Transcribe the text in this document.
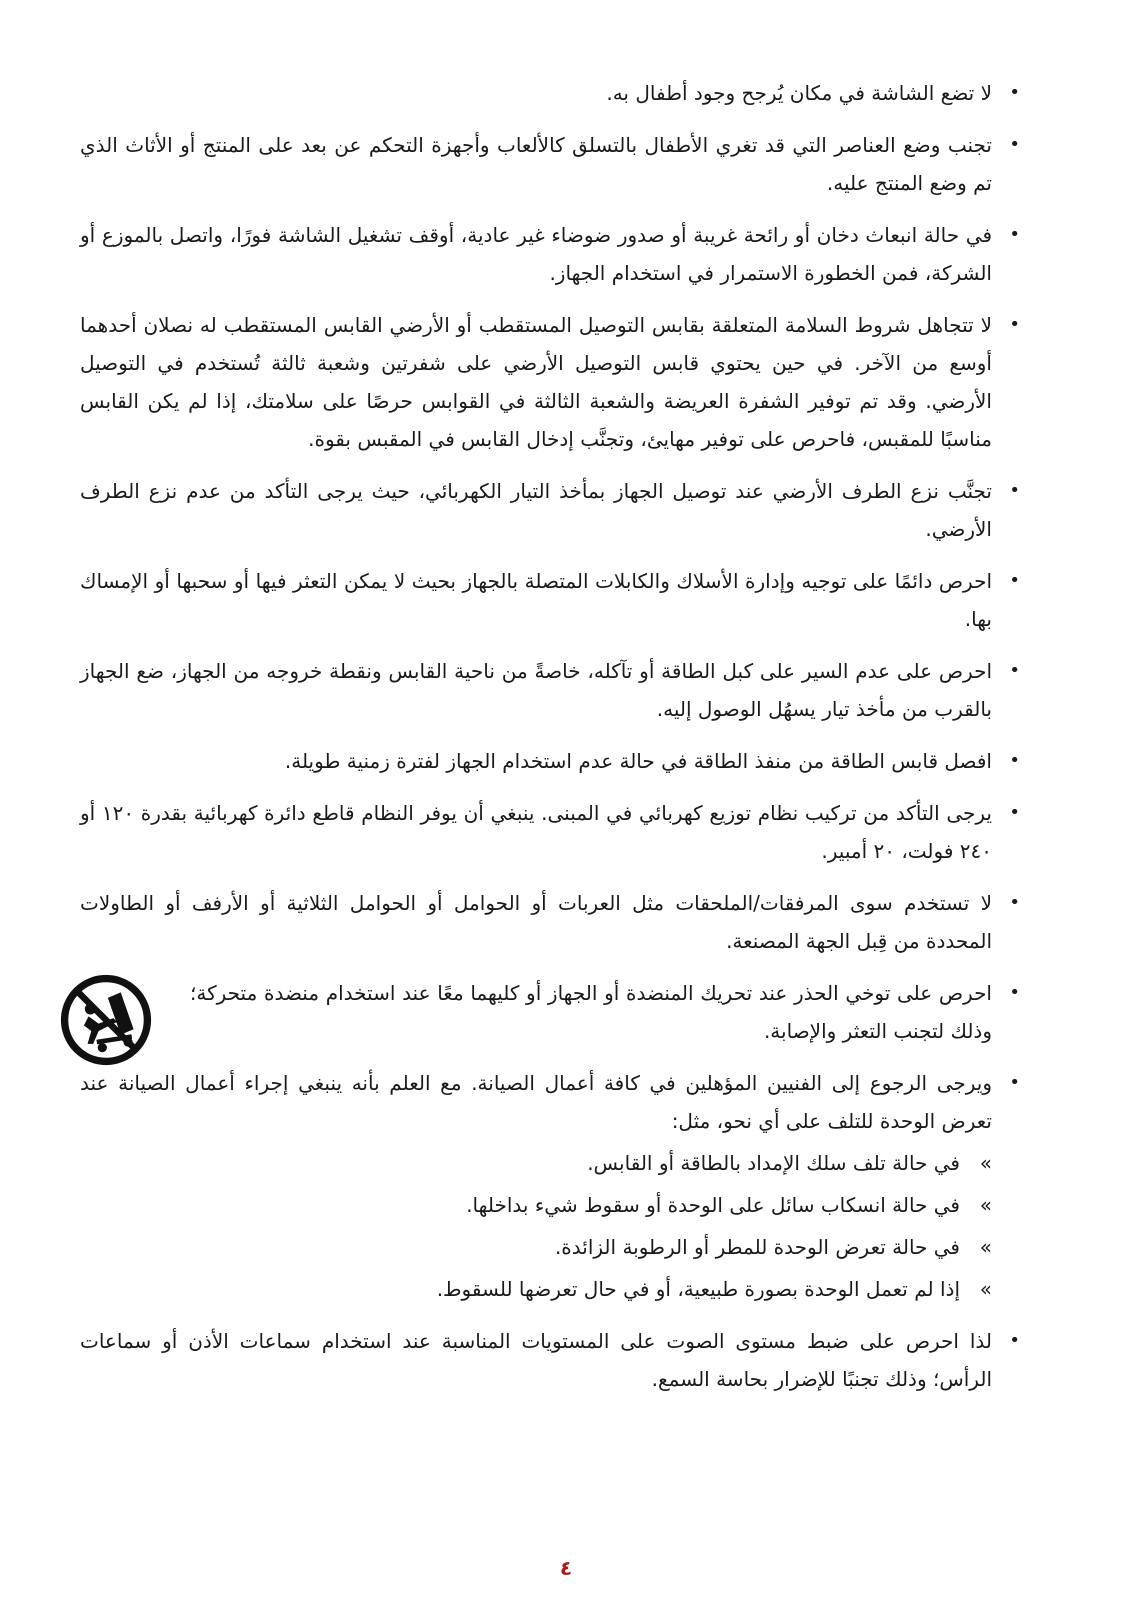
•
لا تضع الشاشة في مكان يُرجح وجود أطفال به.
•
تجنب وضع العناصر التي قد تغري الأطفال بالتسلق كالألعاب وأجهزة التحكم عن بعد على المنتج أو الأثاث الذي تم وضع المنتج عليه.
•
في حالة انبعاث دخان أو رائحة غريبة أو صدور ضوضاء غير عادية، أوقف تشغيل الشاشة فورًا، واتصل بالموزع أو الشركة، فمن الخطورة الاستمرار في استخدام الجهاز.
•
لا تتجاهل شروط السلامة المتعلقة بقابس التوصيل المستقطب أو الأرضي القابس المستقطب له نصلان أحدهما أوسع من الآخر. في حين يحتوي قابس التوصيل الأرضي على شفرتين وشعبة ثالثة تُستخدم في التوصيل الأرضي. وقد تم توفير الشفرة العريضة والشعبة الثالثة في القوابس حرصًا على سلامتك، إذا لم يكن القابس مناسبًا للمقبس، فاحرص على توفير مهايئ، وتجنَّب إدخال القابس في المقبس بقوة.
•
تجنَّب نزع الطرف الأرضي عند توصيل الجهاز بمأخذ التيار الكهربائي، حيث يرجى التأكد من عدم نزع الطرف الأرضي.
•
احرص دائمًا على توجيه وإدارة الأسلاك والكابلات المتصلة بالجهاز بحيث لا يمكن التعثر فيها أو سحبها أو الإمساك بها.
•
احرص على عدم السير على كبل الطاقة أو تآكله، خاصةً من ناحية القابس ونقطة خروجه من الجهاز، ضع الجهاز بالقرب من مأخذ تيار يسهُل الوصول إليه.
•
افصل قابس الطاقة من منفذ الطاقة في حالة عدم استخدام الجهاز لفترة زمنية طويلة.
•
يرجى التأكد من تركيب نظام توزيع كهربائي في المبنى. ينبغي أن يوفر النظام قاطع دائرة كهربائية بقدرة ١٢٠ أو ٢٤٠ فولت، ٢٠ أمبير.
•
لا تستخدم سوى المرفقات/الملحقات مثل العربات أو الحوامل أو الحوامل الثلاثية أو الأرفف أو الطاولات المحددة من قِبل الجهة المصنعة.
•
احرص على توخي الحذر عند تحريك المنضدة أو الجهاز أو كليهما معًا عند استخدام منضدة متحركة؛ وذلك لتجنب التعثر والإصابة.
•
ويرجى الرجوع إلى الفنيين المؤهلين في كافة أعمال الصيانة. مع العلم بأنه ينبغي إجراء أعمال الصيانة عند تعرض الوحدة للتلف على أي نحو، مثل:
»
في حالة تلف سلك الإمداد بالطاقة أو القابس.
»
في حالة انسكاب سائل على الوحدة أو سقوط شيء بداخلها.
»
في حالة تعرض الوحدة للمطر أو الرطوبة الزائدة.
»
إذا لم تعمل الوحدة بصورة طبيعية، أو في حال تعرضها للسقوط.
•
لذا احرص على ضبط مستوى الصوت على المستويات المناسبة عند استخدام سماعات الأذن أو سماعات الرأس؛ وذلك تجنبًا للإضرار بحاسة السمع.
٤
